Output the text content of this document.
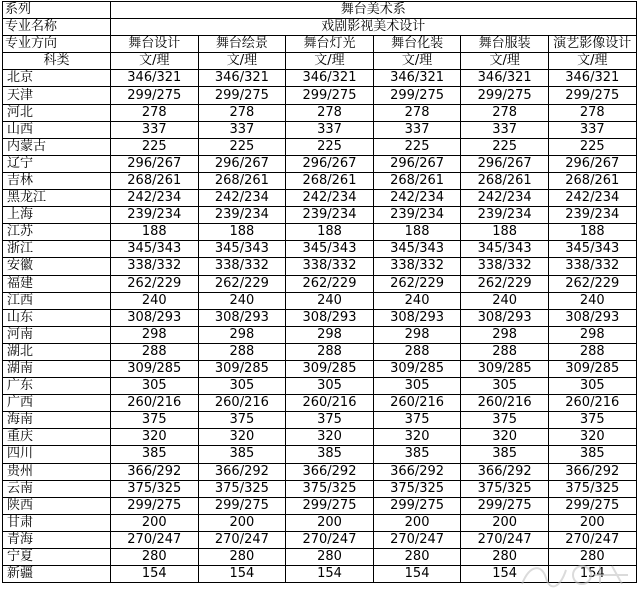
系列	舞台美术系					
专业名称	戏剧影视美术设计					
专业方向	舞台设计	舞台绘景	舞台灯光	舞台化装	舞台服装	演艺影像设计
科类	文/理	文/理	文/理	文/理	文/理	文/理
北京	346/321	346/321	346/321	346/321	346/321	346/321
天津	299/275	299/275	299/275	299/275	299/275	299/275
河北	278	278	278	278	278	278
山西	337	337	337	337	337	337
内蒙古	225	225	225	225	225	225
辽宁	296/267	296/267	296/267	296/267	296/267	296/267
吉林	268/261	268/261	268/261	268/261	268/261	268/261
黑龙江	242/234	242/234	242/234	242/234	242/234	242/234
上海	239/234	239/234	239/234	239/234	239/234	239/234
江苏	188	188	188	188	188	188
浙江	345/343	345/343	345/343	345/343	345/343	345/343
安徽	338/332	338/332	338/332	338/332	338/332	338/332
福建	262/229	262/229	262/229	262/229	262/229	262/229
江西	240	240	240	240	240	240
山东	308/293	308/293	308/293	308/293	308/293	308/293
河南	298	298	298	298	298	298
湖北	288	288	288	288	288	288
湖南	309/285	309/285	309/285	309/285	309/285	309/285
广东	305	305	305	305	305	305
广西	260/216	260/216	260/216	260/216	260/216	260/216
海南	375	375	375	375	375	375
重庆	320	320	320	320	320	320
四川	385	385	385	385	385	385
贵州	366/292	366/292	366/292	366/292	366/292	366/292
云南	375/325	375/325	375/325	375/325	375/325	375/325
陕西	299/275	299/275	299/275	299/275	299/275	299/275
甘肃	200	200	200	200	200	200
青海	270/247	270/247	270/247	270/247	270/247	270/247
宁夏	280	280	280	280	280	280
新疆	154	154	154	154	154	154
